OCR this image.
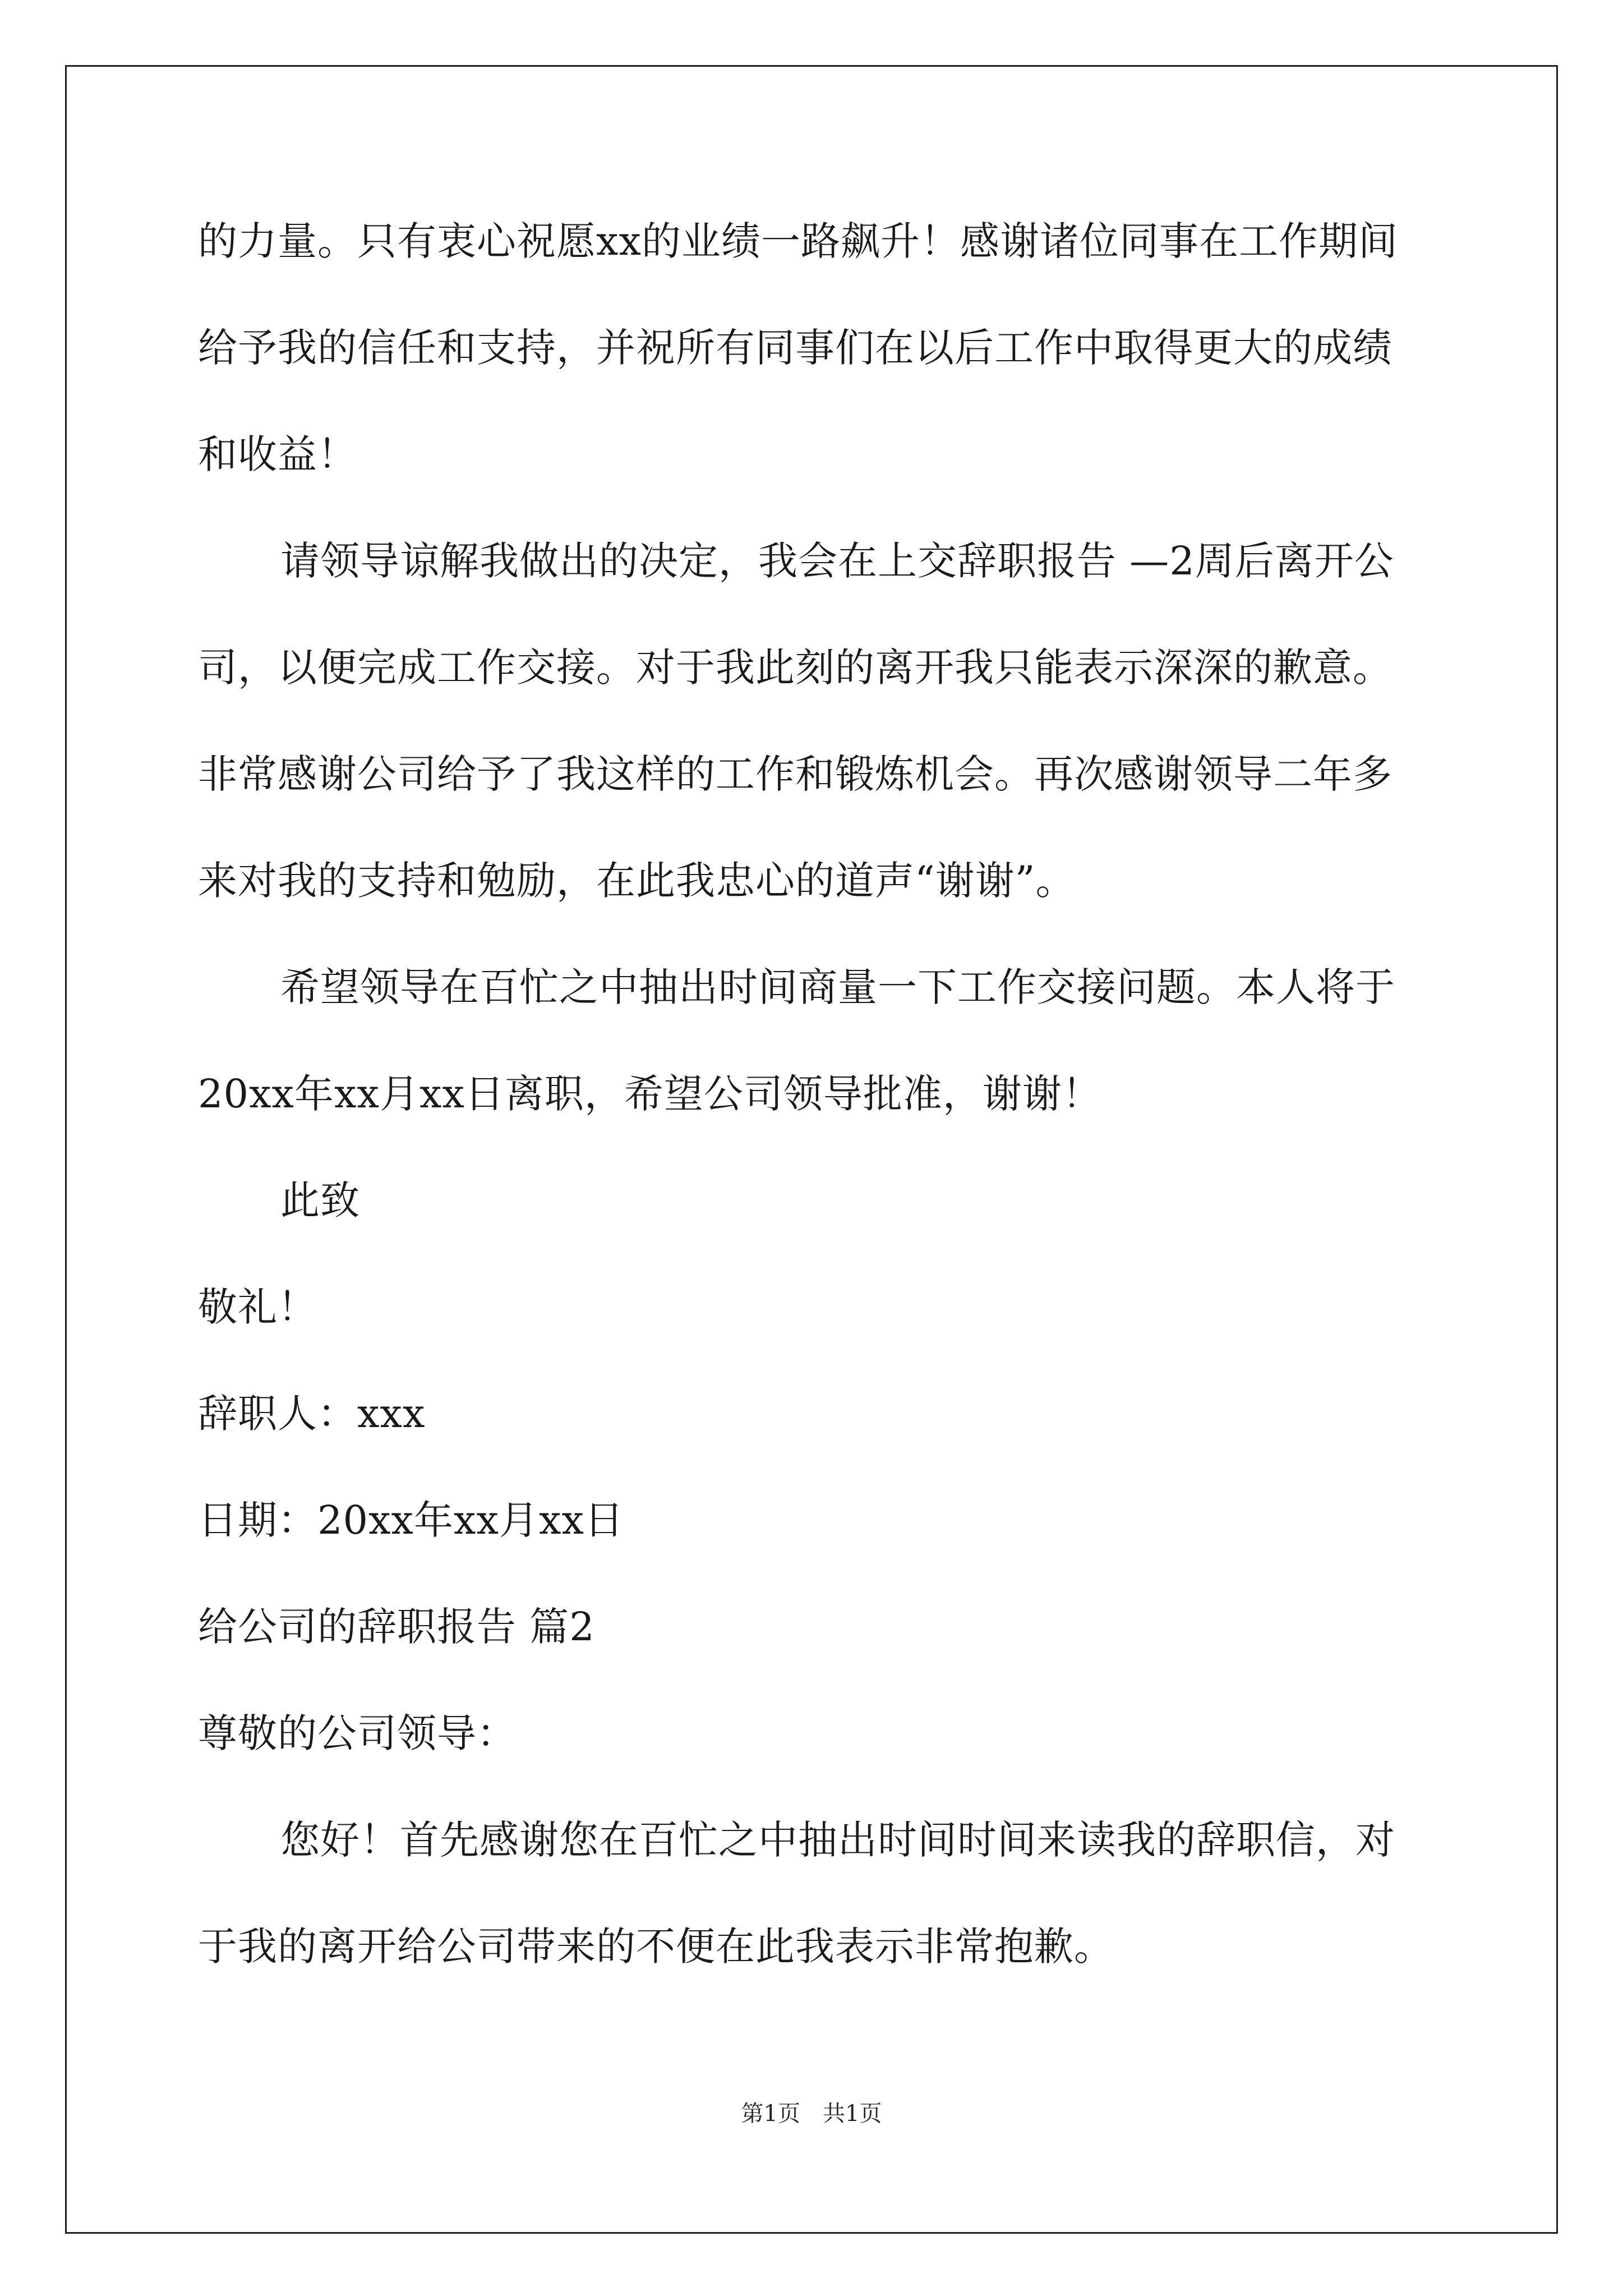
的力量。只有衷心祝愿xx的业绩一路飙升！感谢诸位同事在工作期间
给予我的信任和支持，并祝所有同事们在以后工作中取得更大的成绩
和收益！
请领导谅解我做出的决定，我会在上交辞职报告 —2周后离开公
司，以便完成工作交接。对于我此刻的离开我只能表示深深的歉意。
非常感谢公司给予了我这样的工作和锻炼机会。再次感谢领导二年多
来对我的支持和勉励，在此我忠心的道声“谢谢”。
希望领导在百忙之中抽出时间商量一下工作交接问题。本人将于
20xx年xx月xx日离职，希望公司领导批准，谢谢！
此致
敬礼！
辞职人：xxx
日期：20xx年xx月xx日
给公司的辞职报告 篇2
尊敬的公司领导：
您好！首先感谢您在百忙之中抽出时间时间来读我的辞职信，对
于我的离开给公司带来的不便在此我表示非常抱歉。
第1页　共1页
